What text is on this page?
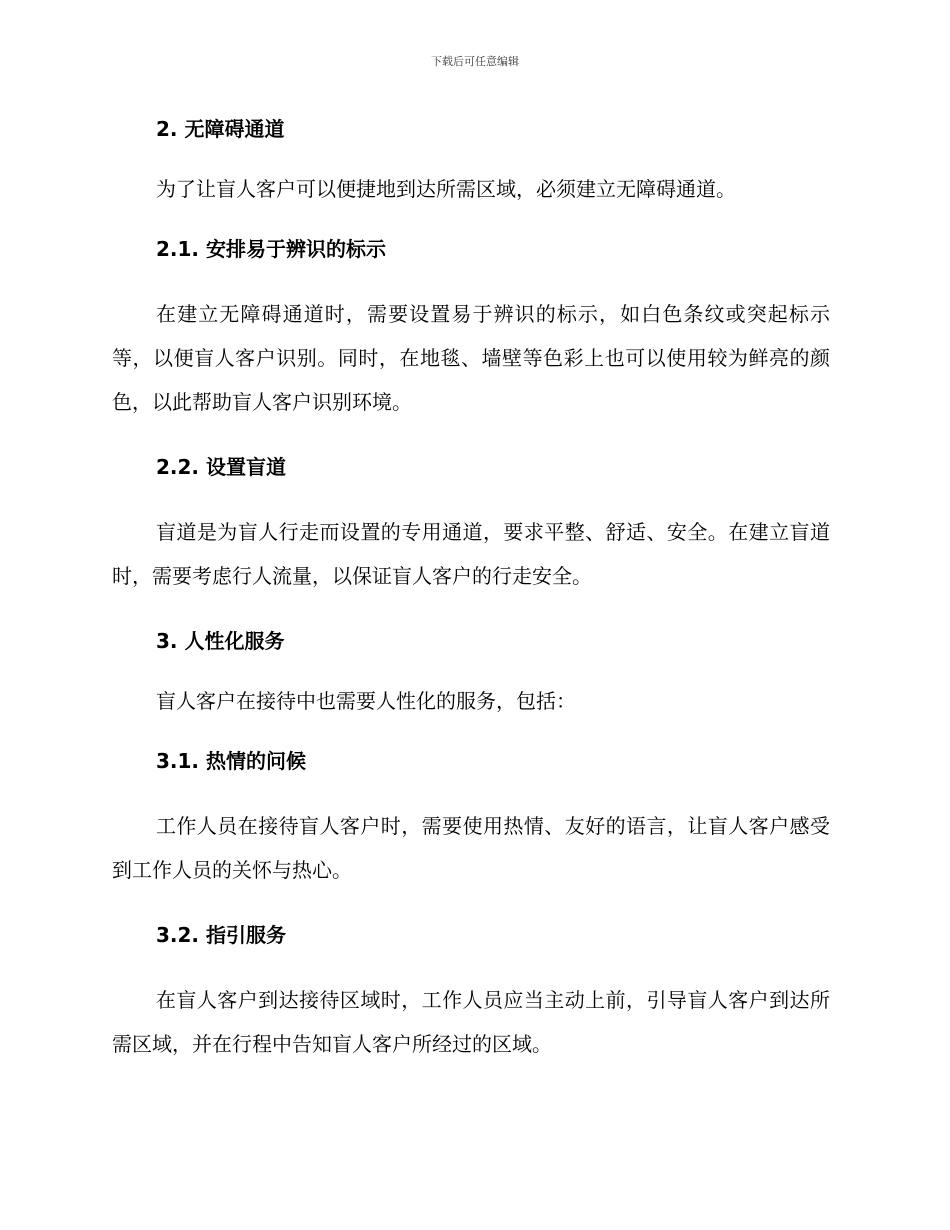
下载后可任意编辑
2. 无障碍通道
为了让盲人客户可以便捷地到达所需区域，必须建立无障碍通道。
2.1. 安排易于辨识的标示
在建立无障碍通道时，需要设置易于辨识的标示，如白色条纹或突起标示等，以便盲人客户识别。同时，在地毯、墙壁等色彩上也可以使用较为鲜亮的颜色，以此帮助盲人客户识别环境。
2.2. 设置盲道
盲道是为盲人行走而设置的专用通道，要求平整、舒适、安全。在建立盲道时，需要考虑行人流量，以保证盲人客户的行走安全。
3. 人性化服务
盲人客户在接待中也需要人性化的服务，包括：
3.1. 热情的问候
工作人员在接待盲人客户时，需要使用热情、友好的语言，让盲人客户感受到工作人员的关怀与热心。
3.2. 指引服务
在盲人客户到达接待区域时，工作人员应当主动上前，引导盲人客户到达所需区域，并在行程中告知盲人客户所经过的区域。
